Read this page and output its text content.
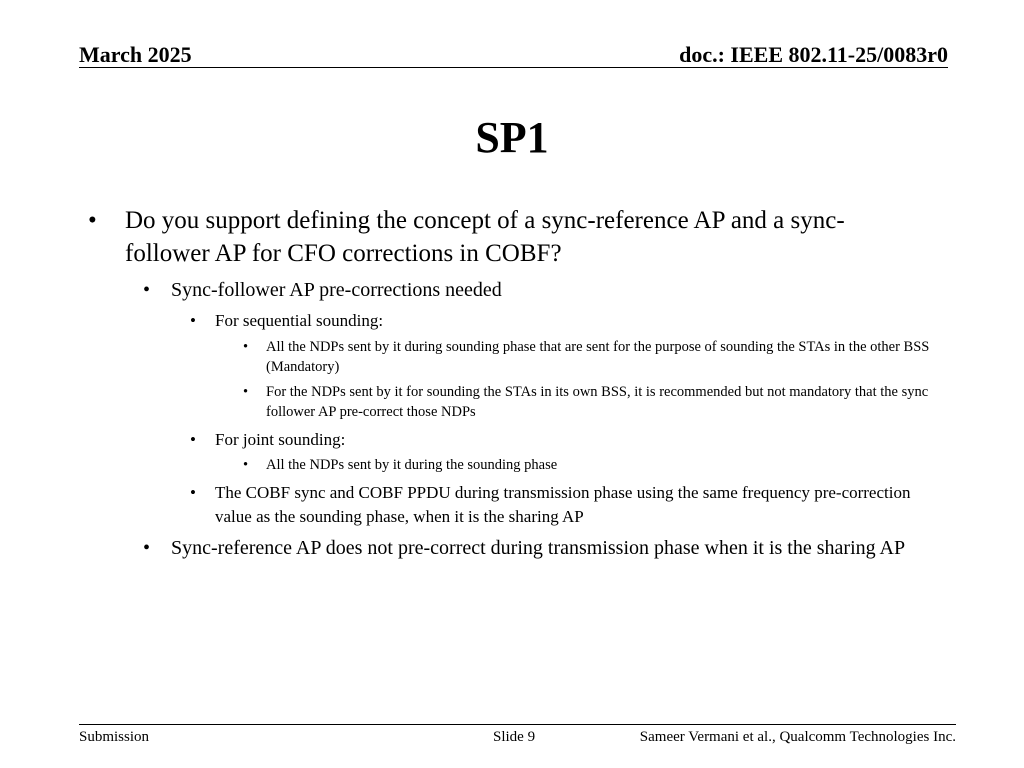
March 2025	doc.: IEEE 802.11-25/0083r0
SP1
• Do you support defining the concept of a sync-reference AP and a sync-follower AP for CFO corrections in COBF?
• Sync-follower AP pre-corrections needed
• For sequential sounding:
• All the NDPs sent by it during sounding phase that are sent for the purpose of sounding the STAs in the other BSS (Mandatory)
• For the NDPs sent by it for sounding the STAs in its own BSS, it is recommended but not mandatory that the sync follower AP pre-correct those NDPs
• For joint sounding:
• All the NDPs sent by it during the sounding phase
• The COBF sync and COBF PPDU during transmission phase using the same frequency pre-correction value as the sounding phase, when it is the sharing AP
• Sync-reference AP does not pre-correct during transmission phase when it is the sharing AP
Submission	Slide 9	Sameer Vermani et al., Qualcomm Technologies Inc.
